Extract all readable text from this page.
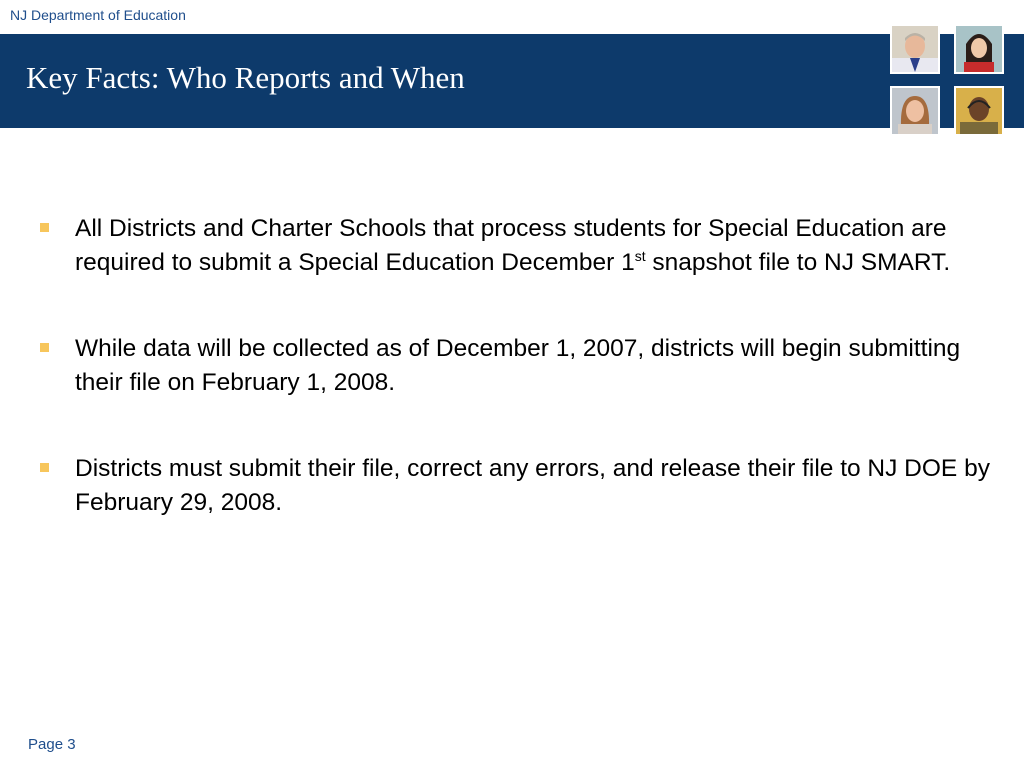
NJ Department of Education
Key Facts: Who Reports and When
All Districts and Charter Schools that process students for Special Education are required to submit a Special Education December 1st snapshot file to NJ SMART.
While data will be collected as of December 1, 2007, districts will begin submitting their file on February 1, 2008.
Districts must submit their file, correct any errors, and release their file to NJ DOE by February 29, 2008.
Page 3
